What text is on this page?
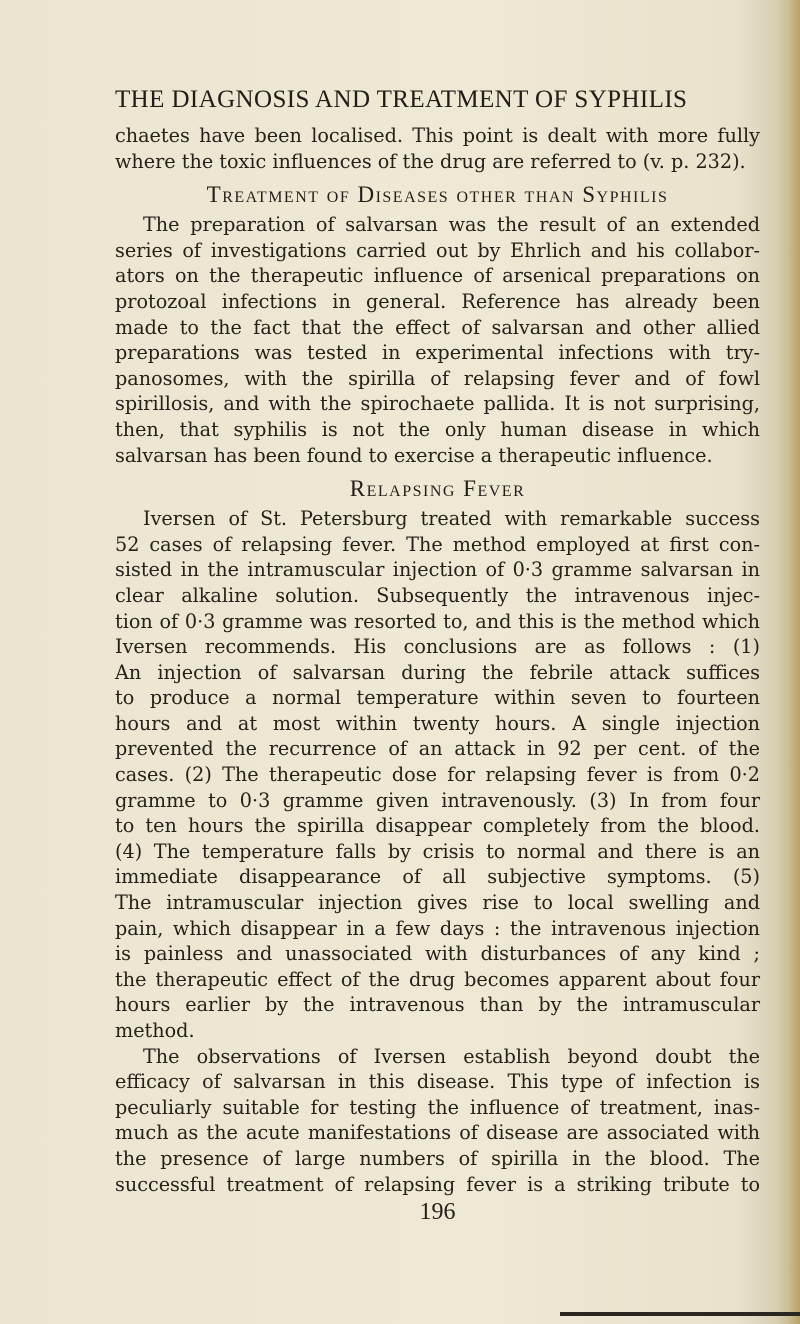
THE DIAGNOSIS AND TREATMENT OF SYPHILIS
chaetes have been localised. This point is dealt with more fully
where the toxic influences of the drug are referred to (v. p. 232).
Treatment of Diseases other than Syphilis
The preparation of salvarsan was the result of an extended
series of investigations carried out by Ehrlich and his collabor-
ators on the therapeutic influence of arsenical preparations on
protozoal infections in general. Reference has already been
made to the fact that the effect of salvarsan and other allied
preparations was tested in experimental infections with try-
panosomes, with the spirilla of relapsing fever and of fowl
spirillosis, and with the spirochaete pallida. It is not surprising,
then, that syphilis is not the only human disease in which
salvarsan has been found to exercise a therapeutic influence.
Relapsing Fever
Iversen of St. Petersburg treated with remarkable success
52 cases of relapsing fever. The method employed at first con-
sisted in the intramuscular injection of 0·3 gramme salvarsan in
clear alkaline solution. Subsequently the intravenous injec-
tion of 0·3 gramme was resorted to, and this is the method which
Iversen recommends. His conclusions are as follows : (1)
An injection of salvarsan during the febrile attack suffices
to produce a normal temperature within seven to fourteen
hours and at most within twenty hours. A single injection
prevented the recurrence of an attack in 92 per cent. of the
cases. (2) The therapeutic dose for relapsing fever is from 0·2
gramme to 0·3 gramme given intravenously. (3) In from four
to ten hours the spirilla disappear completely from the blood.
(4) The temperature falls by crisis to normal and there is an
immediate disappearance of all subjective symptoms. (5)
The intramuscular injection gives rise to local swelling and
pain, which disappear in a few days : the intravenous injection
is painless and unassociated with disturbances of any kind ;
the therapeutic effect of the drug becomes apparent about four
hours earlier by the intravenous than by the intramuscular
method.
The observations of Iversen establish beyond doubt the
efficacy of salvarsan in this disease. This type of infection is
peculiarly suitable for testing the influence of treatment, inas-
much as the acute manifestations of disease are associated with
the presence of large numbers of spirilla in the blood. The
successful treatment of relapsing fever is a striking tribute to
196
